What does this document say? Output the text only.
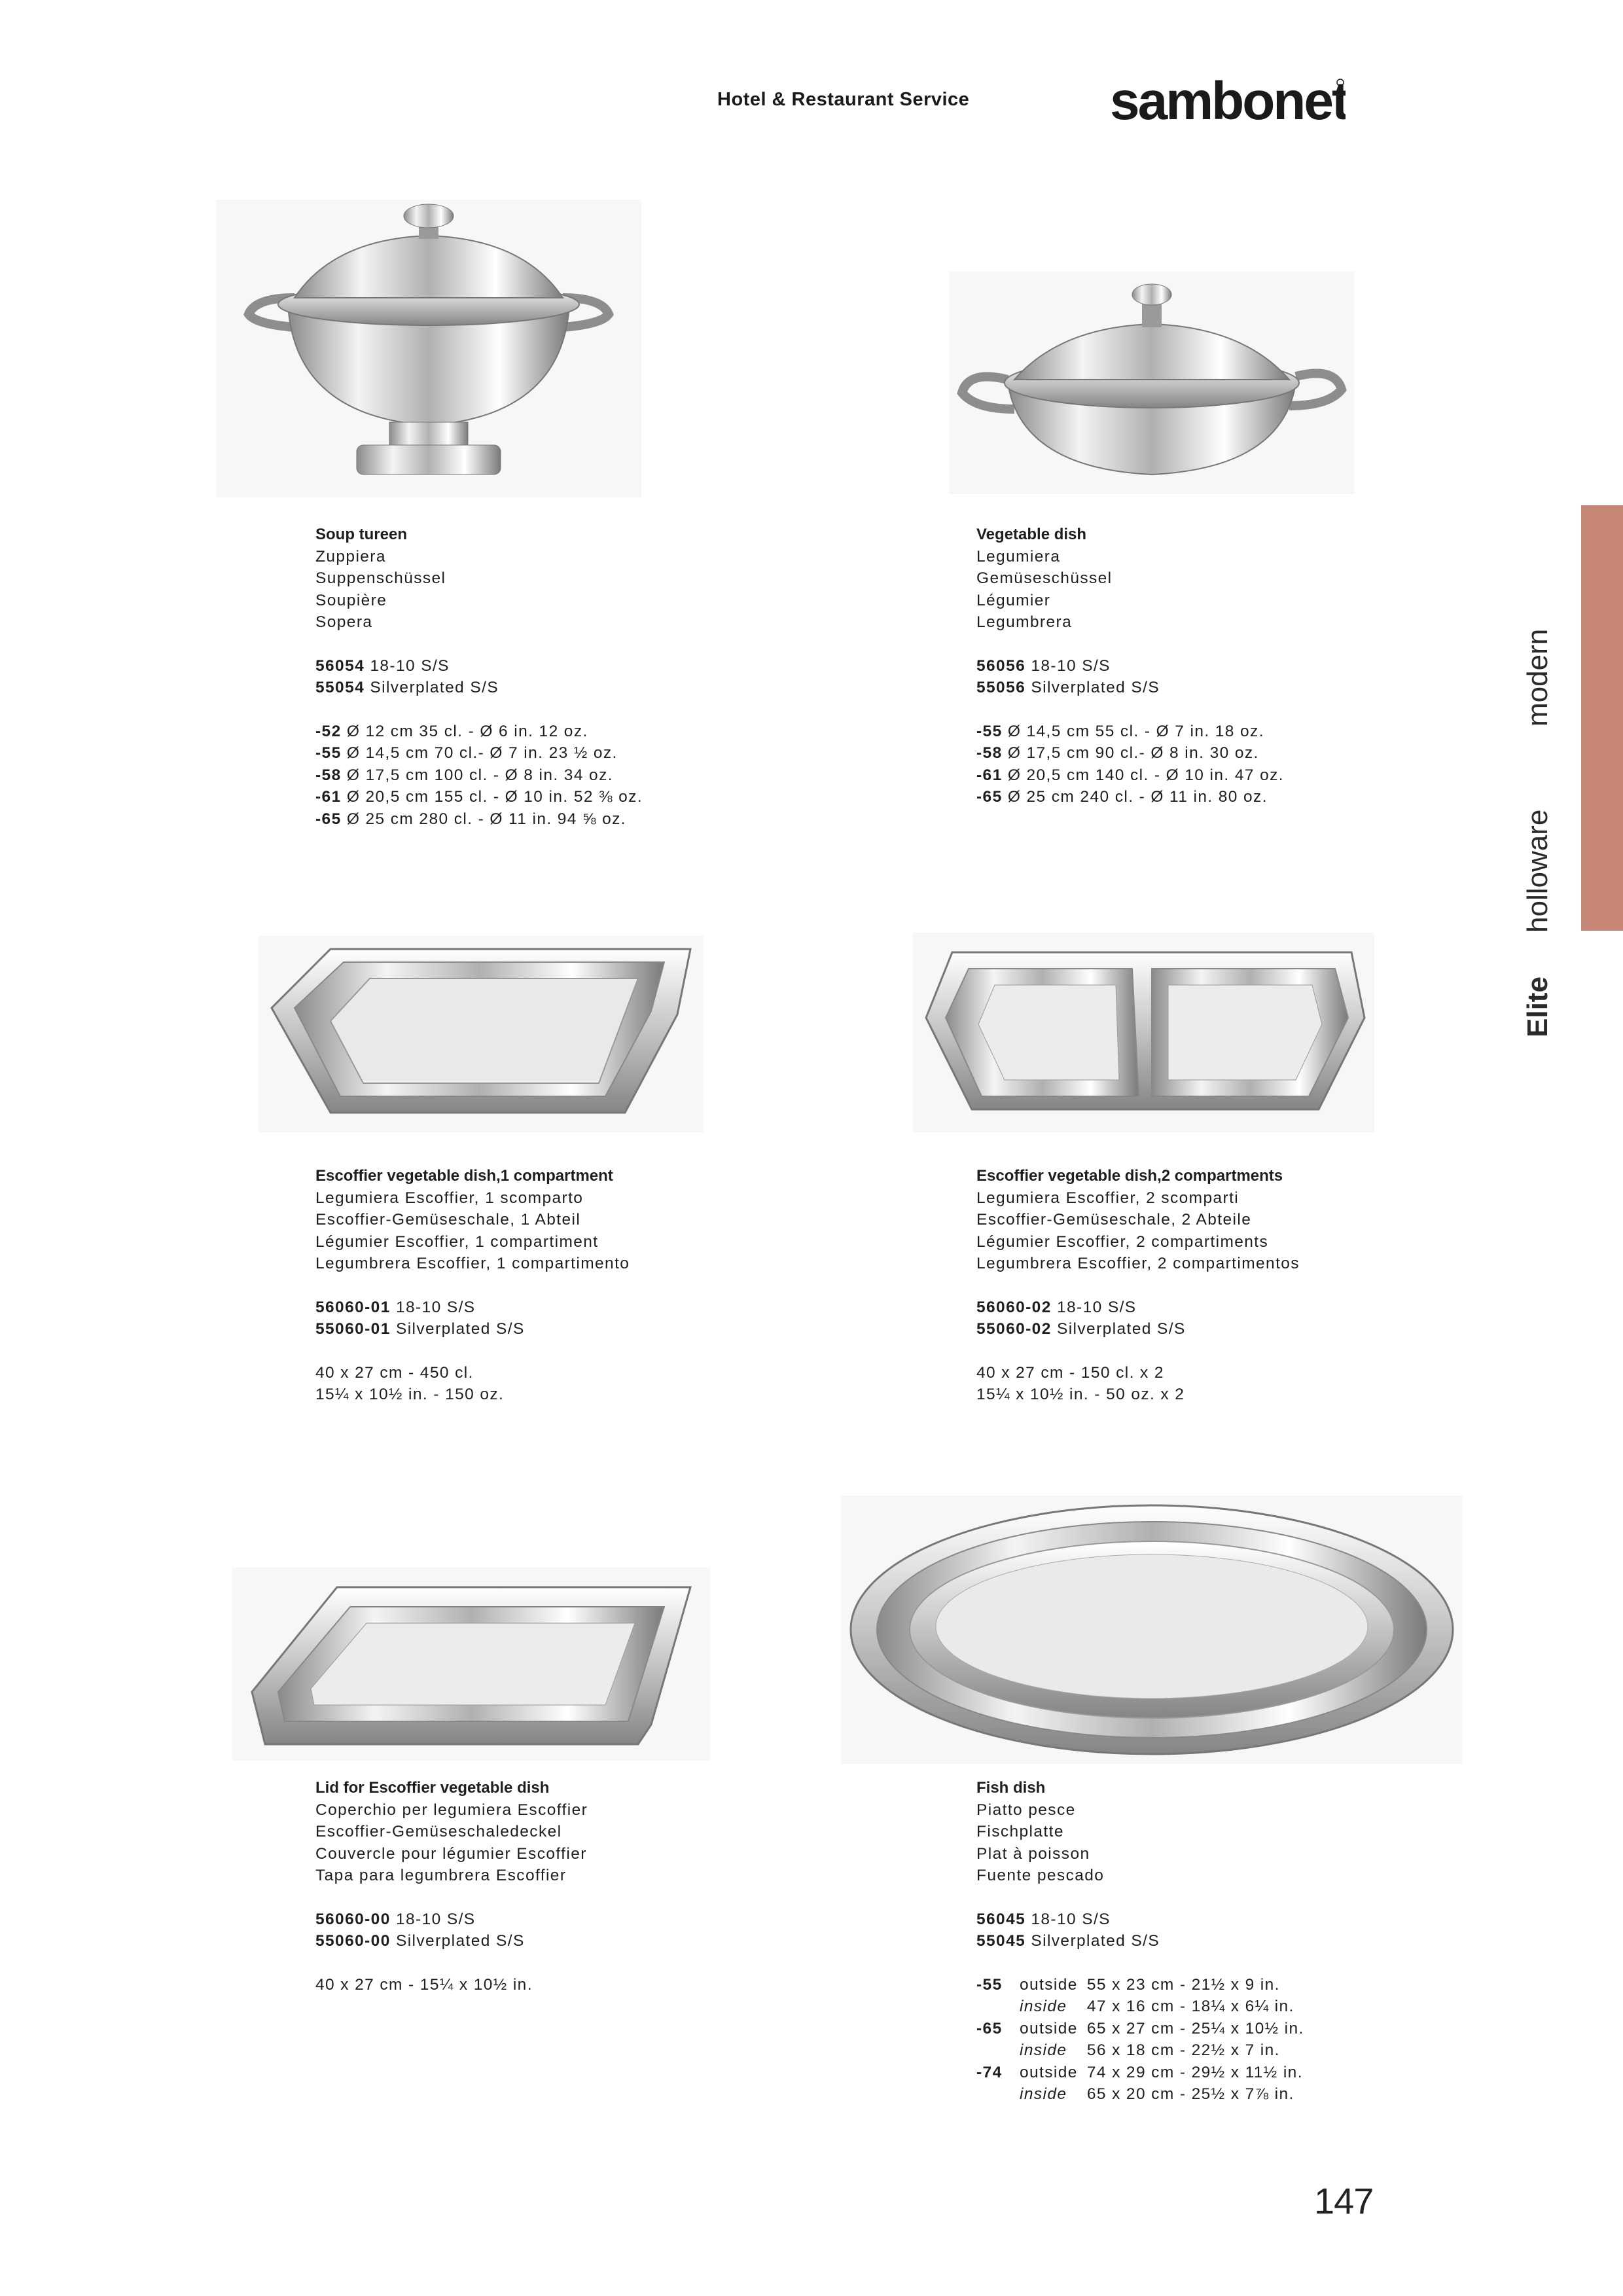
Hotel & Restaurant Service	sambonet
Elite
holloware
modern
Soup tureen
Zuppiera
Suppenschüssel
Soupière
Sopera
56054 18-10 S/S
55054 Silverplated S/S
-52 Ø 12 cm 35 cl. - Ø 6 in. 12 oz.
-55 Ø 14,5 cm 70 cl.- Ø 7 in. 23 ½ oz.
-58 Ø 17,5 cm 100 cl. - Ø 8 in. 34 oz.
-61 Ø 20,5 cm 155 cl. - Ø 10 in. 52 ⅜ oz.
-65 Ø 25 cm 280 cl. - Ø 11 in. 94 ⅝ oz.
Vegetable dish
Legumiera
Gemüseschüssel
Légumier
Legumbrera
56056 18-10 S/S
55056 Silverplated S/S
-55 Ø 14,5 cm 55 cl. - Ø 7 in. 18 oz.
-58 Ø 17,5 cm 90 cl.- Ø 8 in. 30 oz.
-61 Ø 20,5 cm 140 cl. - Ø 10 in. 47 oz.
-65 Ø 25 cm 240 cl. - Ø 11 in. 80 oz.
Escoffier vegetable dish,1 compartment
Legumiera Escoffier, 1 scomparto
Escoffier-Gemüseschale, 1 Abteil
Légumier Escoffier, 1 compartiment
Legumbrera Escoffier, 1 compartimento
56060-01 18-10 S/S
55060-01 Silverplated S/S
40 x 27 cm - 450 cl.
15¼ x 10½ in. - 150 oz.
Escoffier vegetable dish,2 compartments
Legumiera Escoffier, 2 scomparti
Escoffier-Gemüseschale, 2 Abteile
Légumier Escoffier, 2 compartiments
Legumbrera Escoffier, 2 compartimentos
56060-02 18-10 S/S
55060-02 Silverplated S/S
40 x 27 cm - 150 cl. x 2
15¼ x 10½ in. - 50 oz. x 2
Lid for Escoffier vegetable dish
Coperchio per legumiera Escoffier
Escoffier-Gemüseschaledeckel
Couvercle pour légumier Escoffier
Tapa para legumbrera Escoffier
56060-00 18-10 S/S
55060-00 Silverplated S/S
40 x 27 cm - 15¼ x 10½ in.
Fish dish
Piatto pesce
Fischplatte
Plat à poisson
Fuente pescado
56045 18-10 S/S
55045 Silverplated S/S
-55	outside	55 x 23 cm - 21½ x 9 in.
	inside	47 x 16 cm - 18¼ x 6¼ in.
-65	outside	65 x 27 cm - 25¼ x 10½ in.
	inside	56 x 18 cm - 22½ x 7 in.
-74	outside	74 x 29 cm - 29½ x 11½ in.
	inside	65 x 20 cm - 25½ x 7⅞ in.
147
